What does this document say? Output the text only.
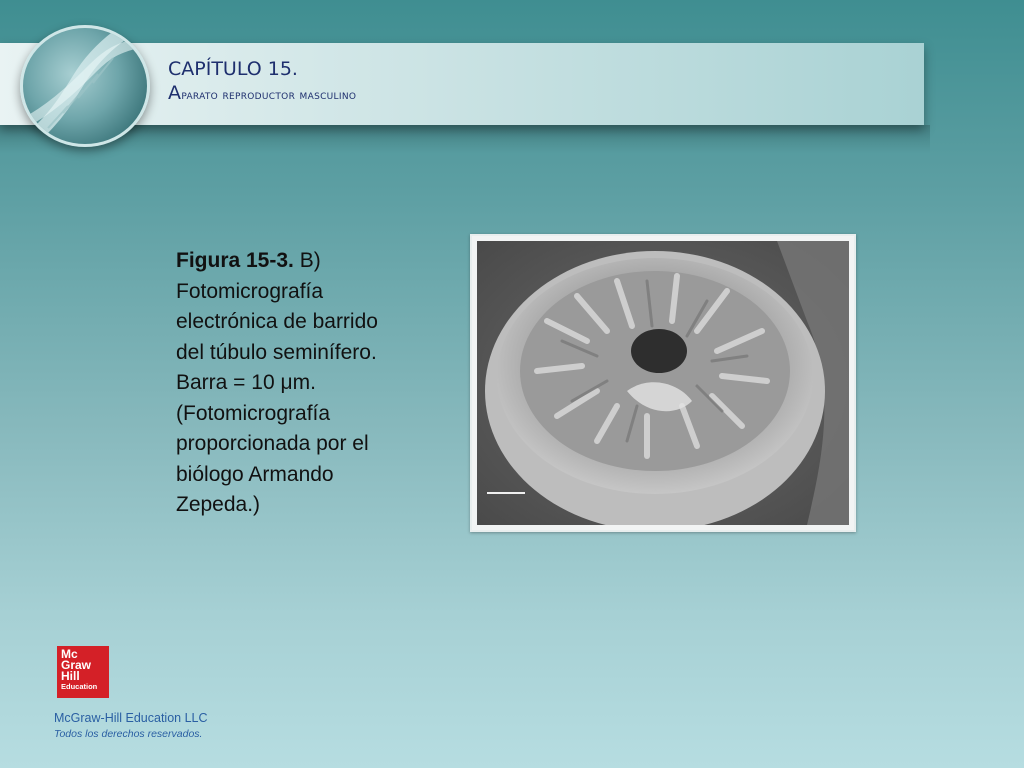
CAPÍTULO 15.
Aparato reproductor masculino
Figura 15-3. B)
Fotomicrografía
electrónica de barrido
del túbulo seminífero.
Barra = 10 μm.
(Fotomicrografía
proporcionada por el
biólogo Armando
Zepeda.)
Mc
Graw
Hill
Education
McGraw-Hill Education LLC
Todos los derechos reservados.
